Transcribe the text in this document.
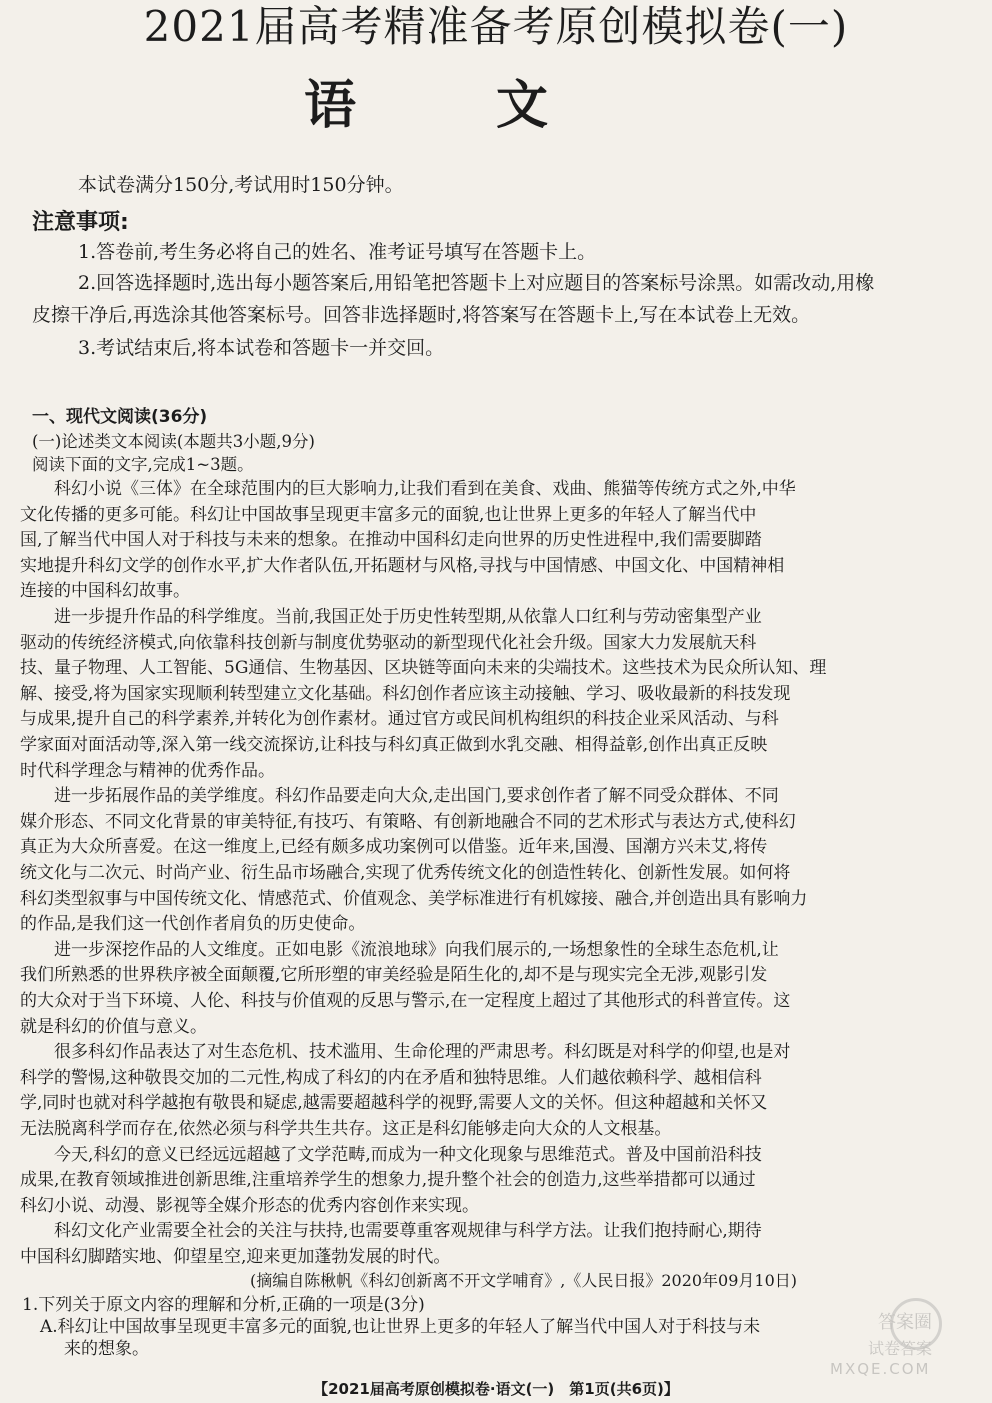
2021届高考精准备考原创模拟卷(一)
语文
本试卷满分150分,考试用时150分钟。
注意事项:
1.答卷前,考生务必将自己的姓名、准考证号填写在答题卡上。
2.回答选择题时,选出每小题答案后,用铅笔把答题卡上对应题目的答案标号涂黑。如需改动,用橡
皮擦干净后,再选涂其他答案标号。回答非选择题时,将答案写在答题卡上,写在本试卷上无效。
3.考试结束后,将本试卷和答题卡一并交回。
一、现代文阅读(36分)
(一)论述类文本阅读(本题共3小题,9分)
阅读下面的文字,完成1~3题。
　　科幻小说《三体》在全球范围内的巨大影响力,让我们看到在美食、戏曲、熊猫等传统方式之外,中华
文化传播的更多可能。科幻让中国故事呈现更丰富多元的面貌,也让世界上更多的年轻人了解当代中
国,了解当代中国人对于科技与未来的想象。在推动中国科幻走向世界的历史性进程中,我们需要脚踏
实地提升科幻文学的创作水平,扩大作者队伍,开拓题材与风格,寻找与中国情感、中国文化、中国精神相
连接的中国科幻故事。
　　进一步提升作品的科学维度。当前,我国正处于历史性转型期,从依靠人口红利与劳动密集型产业
驱动的传统经济模式,向依靠科技创新与制度优势驱动的新型现代化社会升级。国家大力发展航天科
技、量子物理、人工智能、5G通信、生物基因、区块链等面向未来的尖端技术。这些技术为民众所认知、理
解、接受,将为国家实现顺利转型建立文化基础。科幻创作者应该主动接触、学习、吸收最新的科技发现
与成果,提升自己的科学素养,并转化为创作素材。通过官方或民间机构组织的科技企业采风活动、与科
学家面对面活动等,深入第一线交流探访,让科技与科幻真正做到水乳交融、相得益彰,创作出真正反映
时代科学理念与精神的优秀作品。
　　进一步拓展作品的美学维度。科幻作品要走向大众,走出国门,要求创作者了解不同受众群体、不同
媒介形态、不同文化背景的审美特征,有技巧、有策略、有创新地融合不同的艺术形式与表达方式,使科幻
真正为大众所喜爱。在这一维度上,已经有颇多成功案例可以借鉴。近年来,国漫、国潮方兴未艾,将传
统文化与二次元、时尚产业、衍生品市场融合,实现了优秀传统文化的创造性转化、创新性发展。如何将
科幻类型叙事与中国传统文化、情感范式、价值观念、美学标准进行有机嫁接、融合,并创造出具有影响力
的作品,是我们这一代创作者肩负的历史使命。
　　进一步深挖作品的人文维度。正如电影《流浪地球》向我们展示的,一场想象性的全球生态危机,让
我们所熟悉的世界秩序被全面颠覆,它所形塑的审美经验是陌生化的,却不是与现实完全无涉,观影引发
的大众对于当下环境、人伦、科技与价值观的反思与警示,在一定程度上超过了其他形式的科普宣传。这
就是科幻的价值与意义。
　　很多科幻作品表达了对生态危机、技术滥用、生命伦理的严肃思考。科幻既是对科学的仰望,也是对
科学的警惕,这种敬畏交加的二元性,构成了科幻的内在矛盾和独特思维。人们越依赖科学、越相信科
学,同时也就对科学越抱有敬畏和疑虑,越需要超越科学的视野,需要人文的关怀。但这种超越和关怀又
无法脱离科学而存在,依然必须与科学共生共存。这正是科幻能够走向大众的人文根基。
　　今天,科幻的意义已经远远超越了文学范畴,而成为一种文化现象与思维范式。普及中国前沿科技
成果,在教育领域推进创新思维,注重培养学生的想象力,提升整个社会的创造力,这些举措都可以通过
科幻小说、动漫、影视等全媒介形态的优秀内容创作来实现。
　　科幻文化产业需要全社会的关注与扶持,也需要尊重客观规律与科学方法。让我们抱持耐心,期待
中国科幻脚踏实地、仰望星空,迎来更加蓬勃发展的时代。
(摘编自陈楸帆《科幻创新离不开文学哺育》,《人民日报》2020年09月10日)
1.下列关于原文内容的理解和分析,正确的一项是(3分)
A.科幻让中国故事呈现更丰富多元的面貌,也让世界上更多的年轻人了解当代中国人对于科技与未
来的想象。
答案圈
试卷答案
MXQE.COM
【2021届高考原创模拟卷·语文(一)　第1页(共6页)】
